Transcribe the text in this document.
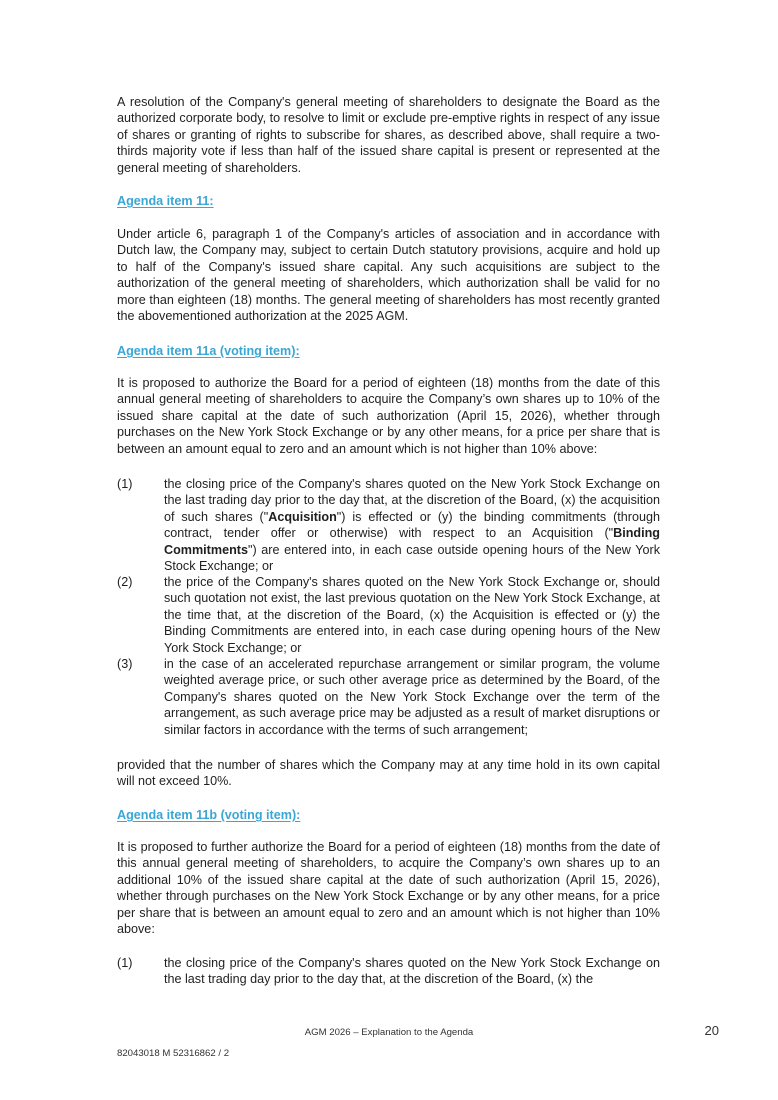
A resolution of the Company's general meeting of shareholders to designate the Board as the authorized corporate body, to resolve to limit or exclude pre-emptive rights in respect of any issue of shares or granting of rights to subscribe for shares, as described above, shall require a two-thirds majority vote if less than half of the issued share capital is present or represented at the general meeting of shareholders.

Agenda item 11:

Under article 6, paragraph 1 of the Company's articles of association and in accordance with Dutch law, the Company may, subject to certain Dutch statutory provisions, acquire and hold up to half of the Company's issued share capital. Any such acquisitions are subject to the authorization of the general meeting of shareholders, which authorization shall be valid for no more than eighteen (18) months. The general meeting of shareholders has most recently granted the abovementioned authorization at the 2025 AGM.

Agenda item 11a (voting item):

It is proposed to authorize the Board for a period of eighteen (18) months from the date of this annual general meeting of shareholders to acquire the Company’s own shares up to 10% of the issued share capital at the date of such authorization (April 15, 2026), whether through purchases on the New York Stock Exchange or by any other means, for a price per share that is between an amount equal to zero and an amount which is not higher than 10% above:

(1)	the closing price of the Company's shares quoted on the New York Stock Exchange on the last trading day prior to the day that, at the discretion of the Board, (x) the acquisition of such shares ("Acquisition") is effected or (y) the binding commitments (through contract, tender offer or otherwise) with respect to an Acquisition ("Binding Commitments") are entered into, in each case outside opening hours of the New York Stock Exchange; or
(2)	the price of the Company's shares quoted on the New York Stock Exchange or, should such quotation not exist, the last previous quotation on the New York Stock Exchange, at the time that, at the discretion of the Board, (x) the Acquisition is effected or (y) the Binding Commitments are entered into, in each case during opening hours of the New York Stock Exchange; or
(3)	in the case of an accelerated repurchase arrangement or similar program, the volume weighted average price, or such other average price as determined by the Board, of the Company's shares quoted on the New York Stock Exchange over the term of the arrangement, as such average price may be adjusted as a result of market disruptions or similar factors in accordance with the terms of such arrangement;

provided that the number of shares which the Company may at any time hold in its own capital will not exceed 10%.

Agenda item 11b (voting item):

It is proposed to further authorize the Board for a period of eighteen (18) months from the date of this annual general meeting of shareholders, to acquire the Company’s own shares up to an additional 10% of the issued share capital at the date of such authorization (April 15, 2026), whether through purchases on the New York Stock Exchange or by any other means, for a price per share that is between an amount equal to zero and an amount which is not higher than 10% above:

(1)	the closing price of the Company's shares quoted on the New York Stock Exchange on the last trading day prior to the day that, at the discretion of the Board, (x) the
AGM 2026 – Explanation to the Agenda	20
82043018 M 52316862 / 2
